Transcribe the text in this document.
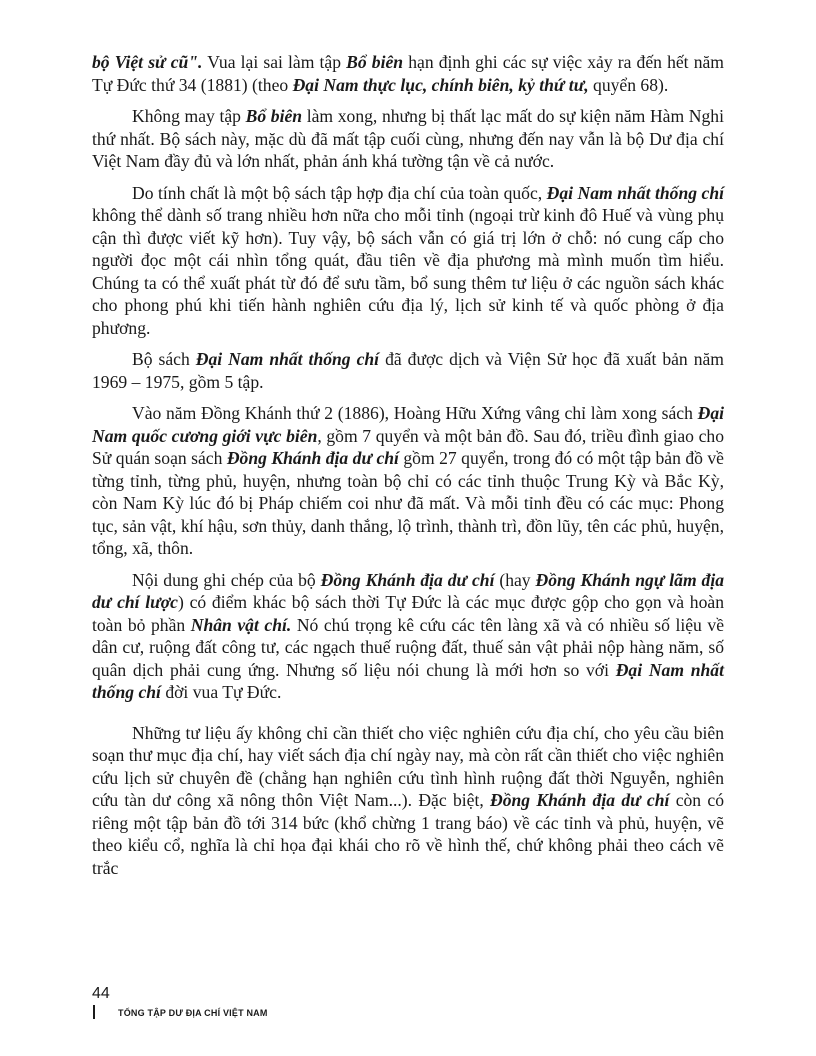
bộ Việt sử cũ". Vua lại sai làm tập Bổ biên hạn định ghi các sự việc xảy ra đến hết năm Tự Đức thứ 34 (1881) (theo Đại Nam thực lục, chính biên, kỷ thứ tư, quyển 68).

Không may tập Bổ biên làm xong, nhưng bị thất lạc mất do sự kiện năm Hàm Nghi thứ nhất. Bộ sách này, mặc dù đã mất tập cuối cùng, nhưng đến nay vẫn là bộ Dư địa chí Việt Nam đầy đủ và lớn nhất, phản ánh khá tường tận về cả nước.

Do tính chất là một bộ sách tập hợp địa chí của toàn quốc, Đại Nam nhất thống chí không thể dành số trang nhiều hơn nữa cho mỗi tỉnh (ngoại trừ kinh đô Huế và vùng phụ cận thì được viết kỹ hơn). Tuy vậy, bộ sách vẫn có giá trị lớn ở chỗ: nó cung cấp cho người đọc một cái nhìn tổng quát, đầu tiên về địa phương mà mình muốn tìm hiểu. Chúng ta có thể xuất phát từ đó để sưu tầm, bổ sung thêm tư liệu ở các nguồn sách khác cho phong phú khi tiến hành nghiên cứu địa lý, lịch sử kinh tế và quốc phòng ở địa phương.

Bộ sách Đại Nam nhất thống chí đã được dịch và Viện Sử học đã xuất bản năm 1969 – 1975, gồm 5 tập.

Vào năm Đồng Khánh thứ 2 (1886), Hoàng Hữu Xứng vâng chỉ làm xong sách Đại Nam quốc cương giới vực biên, gồm 7 quyển và một bản đồ. Sau đó, triều đình giao cho Sử quán soạn sách Đồng Khánh địa dư chí gồm 27 quyển, trong đó có một tập bản đồ về từng tỉnh, từng phủ, huyện, nhưng toàn bộ chỉ có các tỉnh thuộc Trung Kỳ và Bắc Kỳ, còn Nam Kỳ lúc đó bị Pháp chiếm coi như đã mất. Và mỗi tỉnh đều có các mục: Phong tục, sản vật, khí hậu, sơn thủy, danh thắng, lộ trình, thành trì, đồn lũy, tên các phủ, huyện, tổng, xã, thôn.

Nội dung ghi chép của bộ Đồng Khánh địa dư chí (hay Đồng Khánh ngự lãm địa dư chí lược) có điểm khác bộ sách thời Tự Đức là các mục được gộp cho gọn và hoàn toàn bỏ phần Nhân vật chí. Nó chú trọng kê cứu các tên làng xã và có nhiều số liệu về dân cư, ruộng đất công tư, các ngạch thuế ruộng đất, thuế sản vật phải nộp hàng năm, số quân dịch phải cung ứng. Nhưng số liệu nói chung là mới hơn so với Đại Nam nhất thống chí đời vua Tự Đức.

Những tư liệu ấy không chỉ cần thiết cho việc nghiên cứu địa chí, cho yêu cầu biên soạn thư mục địa chí, hay viết sách địa chí ngày nay, mà còn rất cần thiết cho việc nghiên cứu lịch sử chuyên đề (chẳng hạn nghiên cứu tình hình ruộng đất thời Nguyễn, nghiên cứu tàn dư công xã nông thôn Việt Nam...). Đặc biệt, Đồng Khánh địa dư chí còn có riêng một tập bản đồ tới 314 bức (khổ chừng 1 trang báo) về các tỉnh và phủ, huyện, vẽ theo kiểu cổ, nghĩa là chỉ họa đại khái cho rõ về hình thế, chứ không phải theo cách vẽ trắc

44
TỔNG TẬP DƯ ĐỊA CHÍ VIỆT NAM
